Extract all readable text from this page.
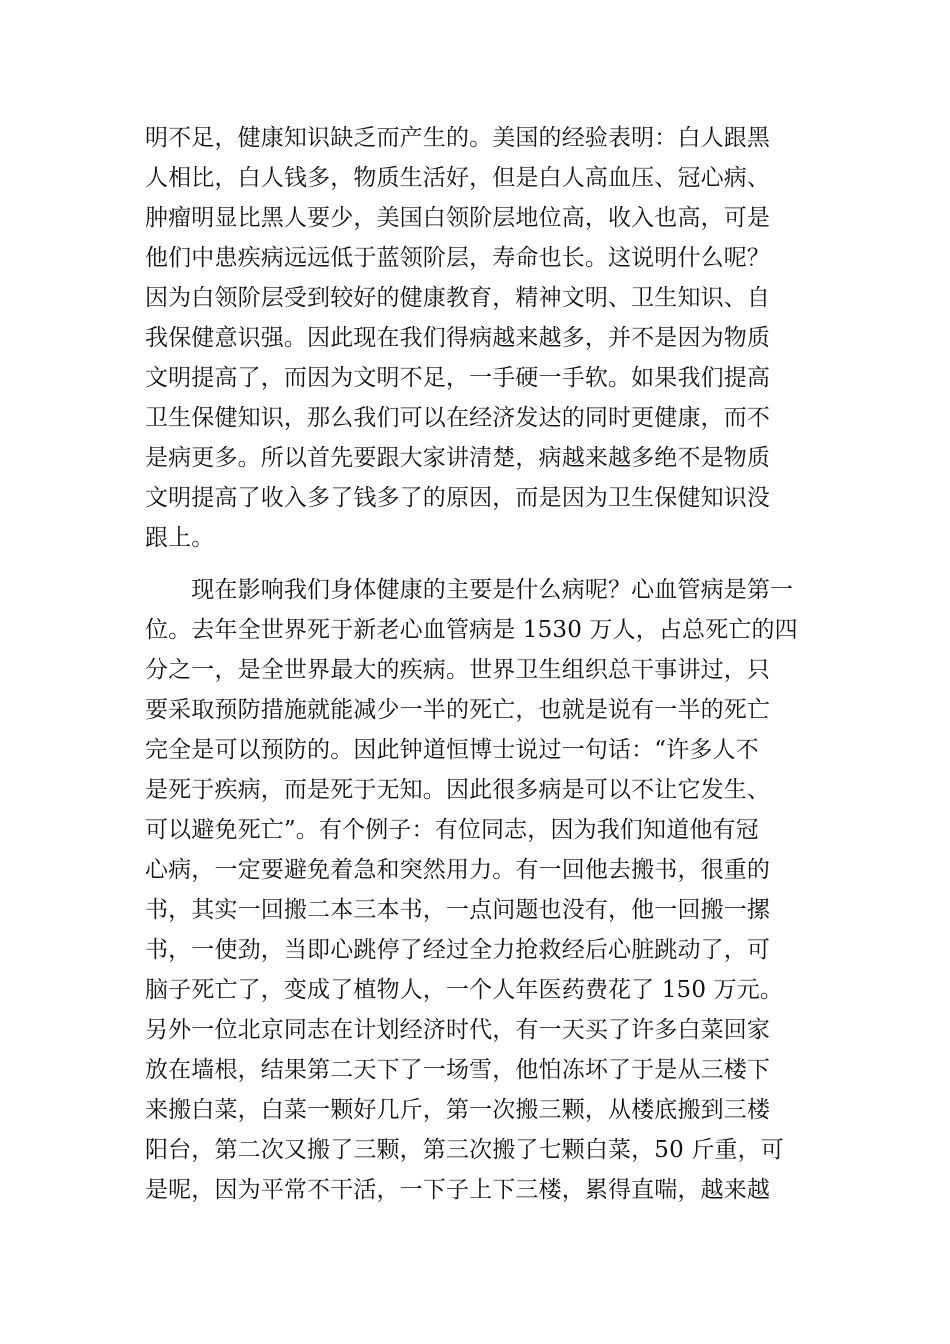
明不足，健康知识缺乏而产生的。美国的经验表明：白人跟黑
人相比，白人钱多，物质生活好，但是白人高血压、冠心病、
肿瘤明显比黑人要少，美国白领阶层地位高，收入也高，可是
他们中患疾病远远低于蓝领阶层，寿命也长。这说明什么呢？
因为白领阶层受到较好的健康教育，精神文明、卫生知识、自
我保健意识强。因此现在我们得病越来越多，并不是因为物质
文明提高了，而因为文明不足，一手硬一手软。如果我们提高
卫生保健知识，那么我们可以在经济发达的同时更健康，而不
是病更多。所以首先要跟大家讲清楚，病越来越多绝不是物质
文明提高了收入多了钱多了的原因，而是因为卫生保健知识没
跟上。
　　现在影响我们身体健康的主要是什么病呢？心血管病是第一
位。去年全世界死于新老心血管病是 1530 万人，占总死亡的四
分之一，是全世界最大的疾病。世界卫生组织总干事讲过，只
要采取预防措施就能减少一半的死亡，也就是说有一半的死亡
完全是可以预防的。因此钟道恒博士说过一句话：“许多人不
是死于疾病，而是死于无知。因此很多病是可以不让它发生、
可以避免死亡”。有个例子：有位同志，因为我们知道他有冠
心病，一定要避免着急和突然用力。有一回他去搬书，很重的
书，其实一回搬二本三本书，一点问题也没有，他一回搬一摞
书，一使劲，当即心跳停了经过全力抢救经后心脏跳动了，可
脑子死亡了，变成了植物人，一个人年医药费花了 150 万元。
另外一位北京同志在计划经济时代，有一天买了许多白菜回家
放在墙根，结果第二天下了一场雪，他怕冻坏了于是从三楼下
来搬白菜，白菜一颗好几斤，第一次搬三颗，从楼底搬到三楼
阳台，第二次又搬了三颗，第三次搬了七颗白菜，50 斤重，可
是呢，因为平常不干活，一下子上下三楼，累得直喘，越来越
